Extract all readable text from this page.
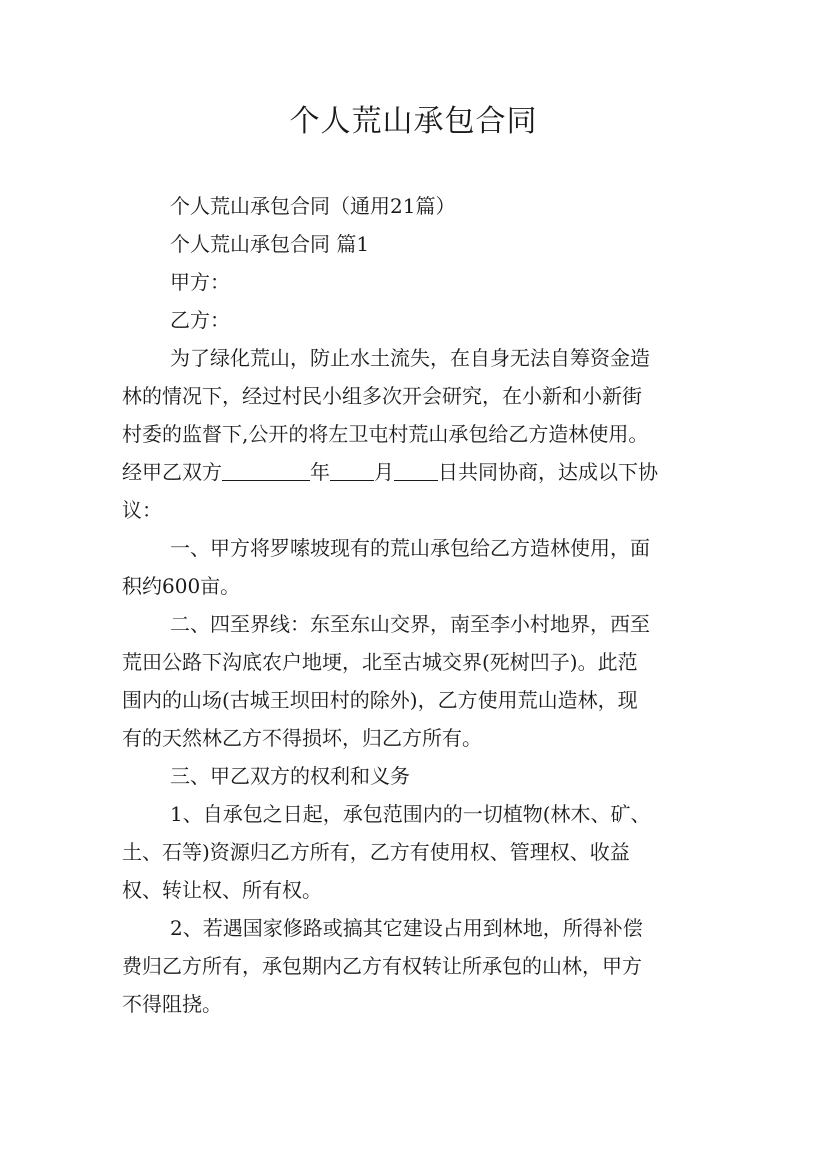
个人荒山承包合同

个人荒山承包合同（通用21篇）

个人荒山承包合同 篇1

甲方：

乙方：

为了绿化荒山，防止水土流失，在自身无法自筹资金造

林的情况下，经过村民小组多次开会研究，在小新和小新街

村委的监督下,公开的将左卫屯村荒山承包给乙方造林使用。

经甲乙双方	年 月 日共同协商，达成以下协

议：

一、甲方将罗嗦坡现有的荒山承包给乙方造林使用，面

积约600亩。

二、四至界线：东至东山交界，南至李小村地界，西至

荒田公路下沟底农户地埂，北至古城交界(死树凹子)。此范

围内的山场(古城王坝田村的除外)，乙方使用荒山造林，现

有的天然林乙方不得损坏，归乙方所有。

三、甲乙双方的权利和义务

1、自承包之日起，承包范围内的一切植物(林木、矿、

土、石等)资源归乙方所有，乙方有使用权、管理权、收益

权、转让权、所有权。

2、若遇国家修路或搞其它建设占用到林地，所得补偿

费归乙方所有，承包期内乙方有权转让所承包的山林，甲方

不得阻挠。
